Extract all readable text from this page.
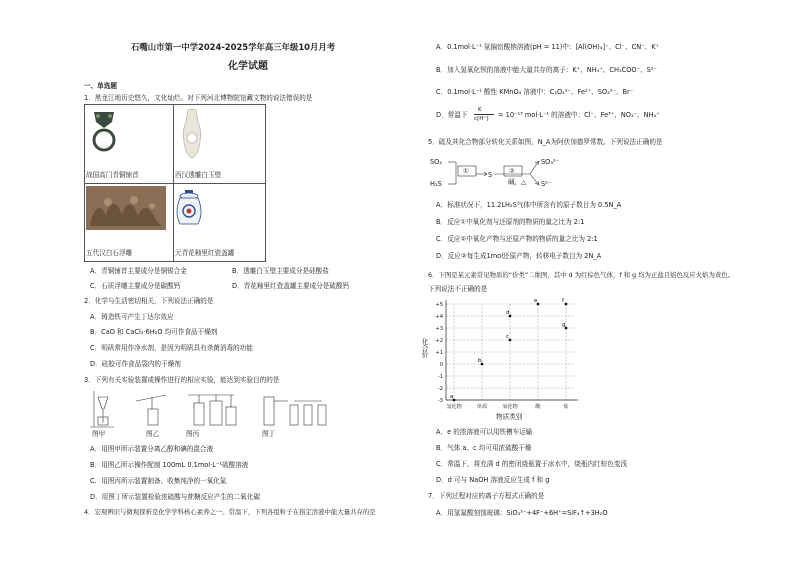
石嘴山市第一中学2024-2025学年高三年级10月月考
化学试题
一、单选题
1．黑龙江地历史悠久，文化灿烂。对下列河北博物院馆藏文物的说法错误的是
战国高门青铜铺首	西汉透雕白玉璧
五代汉白石浮雕	元青花釉里红瓷盖罐
A．青铜铺首主要成分是铜锡合金	B．透雕白玉璧主要成分是硅酸盐
C．石质浮雕主要成分是碳酸钙	D．青花釉里红瓷盖罐主要成分是硫酸钙
2．化学与生活密切相关，下列说法正确的是
A．铸造铁可产生丁达尔效应
B．CaO 和 CaCl₂·6H₂O 均可作食品干燥剂
C．明矾常用作净水剂，是因为明矾具有杀菌消毒的功能
D．硅胶可作食品袋内的干燥剂
3．下列有关实验装置或操作进行的相应实验，能达到实验目的的是
图甲	图乙	图丙	图丁
A．用图甲所示装置分离乙醇和碘的混合液
B．用图乙所示操作配制 100mL 0.1mol·L⁻¹硫酸溶液
C．用图丙所示装置制备、收集纯净的一氧化氮
D．用图丁所示装置检验浓硫酸与蔗糖反应产生的二氧化碳
4．宏观辨识与微观探析是化学学科核心素养之一。常温下，下列各组粒子在指定溶液中能大量共存的是
A．0.1mol·L⁻¹ 氨偏铝酸钠溶液(pH = 11)中：[Al(OH)₄]⁻、Cl⁻、CN⁻、K⁺
B．加入氢氧化钡的溶液中能大量共存的离子：K⁺、NH₄⁺、CH₃COO⁻、S²⁻
C．0.1mol·L⁻¹ 酸性 KMnO₄ 溶液中：C₂O₄²⁻、Fe²⁺、SO₄²⁻、Br⁻
D．常温下
K
c[H⁺] = 10⁻¹³ mol·L⁻¹ 的溶液中：Cl⁻、Fe³⁺、NO₃⁻、NH₄⁺
5．硫及其化合物部分转化关系如图，N_A为阿伏加德罗常数。下列说法正确的是
SO₂
H₂S
S
SO₃²⁻
S²⁻
①	②
碱，△
A．标准状况下，11.2LH₂S气体中所含有的原子数目为 0.5N_A
B．反应①中氧化剂与还原剂的物质的量之比为 2:1
C．反应②中氧化产物与还原产物的物质的量之比为 2:1
D．反应②每生成1mol还原产物，转移电子数目为 2N_A
6．下图是某元素常见物质的“价类”二维图，其中 d 为红棕色气体，f 和 g 均为正盐且焰色反应火焰为黄色。
下列说法不正确的是
+5
+4
+3
+2
+1
0
-1
-2
-3
氢化物	单质	氧化物	酸	盐
a
b
c
d
e	f
g
化合价
物质类别
A．e 的浓溶液可以用铁槽车运输
B．气体 a、c 均可用浓硫酸干燥
C．常温下，将充满 d 的密闭烧瓶置于冰水中，烧瓶内红棕色变浅
D．d 可与 NaOH 溶液反应生成 f 和 g
7．下列过程对应的离子方程式正确的是
A．用氢氟酸刻蚀玻璃：SiO₃²⁻+4F⁻+6H⁺=SiF₄↑+3H₂O
